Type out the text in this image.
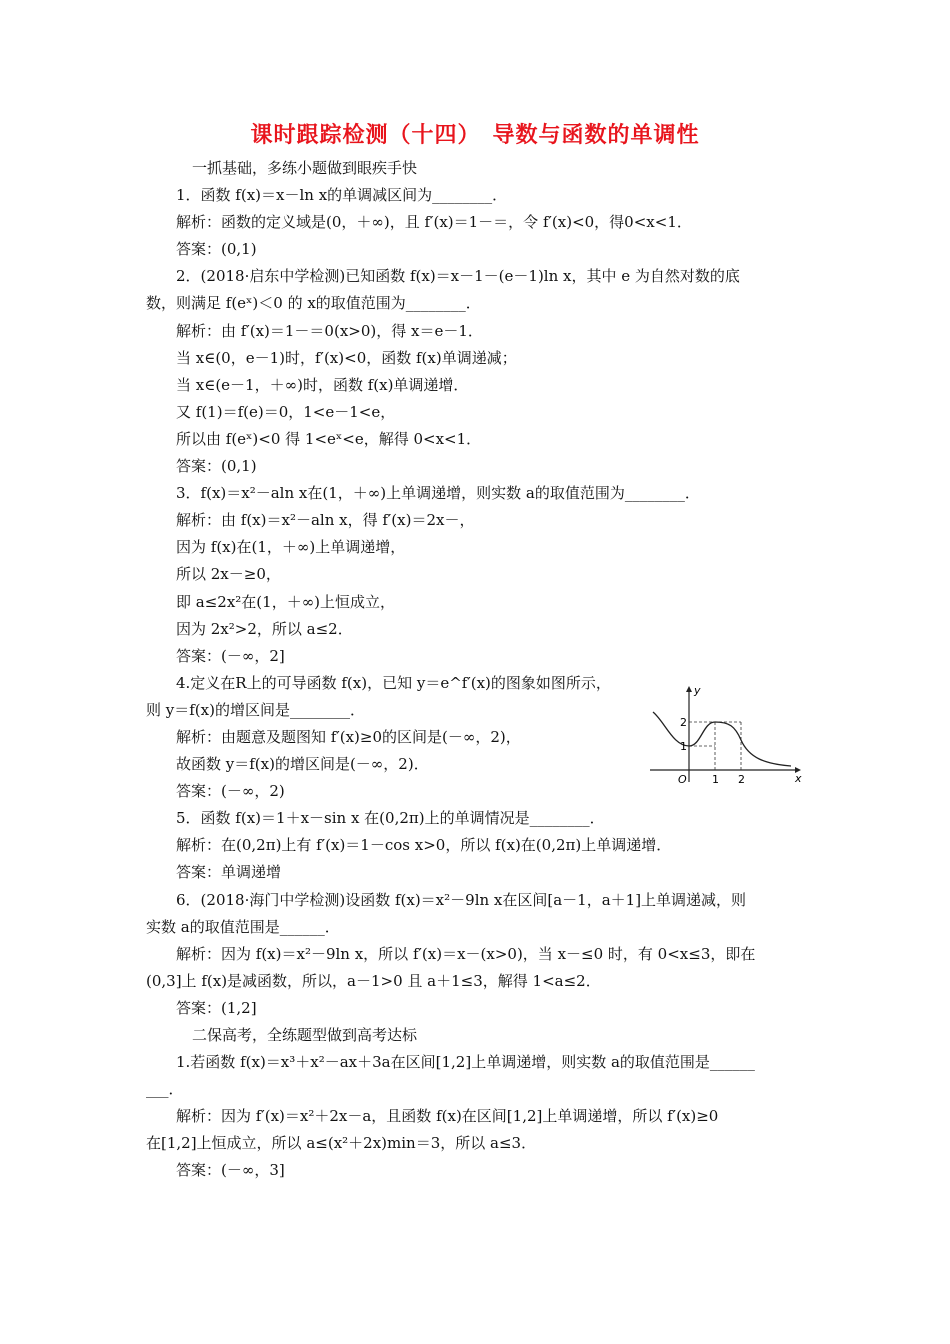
课时跟踪检测（十四）　导数与函数的单调性
一抓基础，多练小题做到眼疾手快
1．函数 f(x)＝x－ln x的单调减区间为________．
解析：函数的定义域是(0，＋∞)，且 f′(x)＝1－＝，令 f′(x)<0，得0<x<1．
答案：(0,1)
2．(2018·启东中学检测)已知函数 f(x)＝x－1－(e－1)ln x，其中 e 为自然对数的底
数，则满足 f(eˣ)＜0 的 x的取值范围为________．
解析：由 f′(x)＝1－＝0(x>0)，得 x＝e－1．
当 x∈(0，e－1)时，f′(x)<0，函数 f(x)单调递减；
当 x∈(e－1，＋∞)时，函数 f(x)单调递增．
又 f(1)＝f(e)＝0，1<e－1<e，
所以由 f(eˣ)<0 得 1<eˣ<e，解得 0<x<1．
答案：(0,1)
3．f(x)＝x²－aln x在(1，＋∞)上单调递增，则实数 a的取值范围为________．
解析：由 f(x)＝x²－aln x，得 f′(x)＝2x－，
因为 f(x)在(1，＋∞)上单调递增，
所以 2x－≥0，
即 a≤2x²在(1，＋∞)上恒成立，
因为 2x²>2，所以 a≤2．
答案：(－∞，2]
4.定义在R上的可导函数 f(x)，已知 y＝e^f′(x)的图象如图所示，
则 y＝f(x)的增区间是________．
解析：由题意及题图知 f′(x)≥0的区间是(－∞，2)，
故函数 y＝f(x)的增区间是(－∞，2)．
答案：(－∞，2)
5．函数 f(x)＝1＋x－sin x 在(0,2π)上的单调情况是________．
解析：在(0,2π)上有 f′(x)＝1－cos x>0，所以 f(x)在(0,2π)上单调递增．
答案：单调递增
6．(2018·海门中学检测)设函数 f(x)＝x²－9ln x在区间[a－1，a＋1]上单调递减，则
实数 a的取值范围是______．
解析：因为 f(x)＝x²－9ln x，所以 f′(x)＝x－(x>0)，当 x－≤0 时，有 0<x≤3，即在
(0,3]上 f(x)是减函数，所以，a－1>0 且 a＋1≤3，解得 1<a≤2．
答案：(1,2]
二保高考，全练题型做到高考达标
1.若函数 f(x)＝x³＋x²－ax＋3a在区间[1,2]上单调递增，则实数 a的取值范围是______
___．
解析：因为 f′(x)＝x²＋2x－a，且函数 f(x)在区间[1,2]上单调递增，所以 f′(x)≥0
在[1,2]上恒成立，所以 a≤(x²＋2x)min＝3，所以 a≤3．
答案：(－∞，3]
y
x
O 1 2
1
2
